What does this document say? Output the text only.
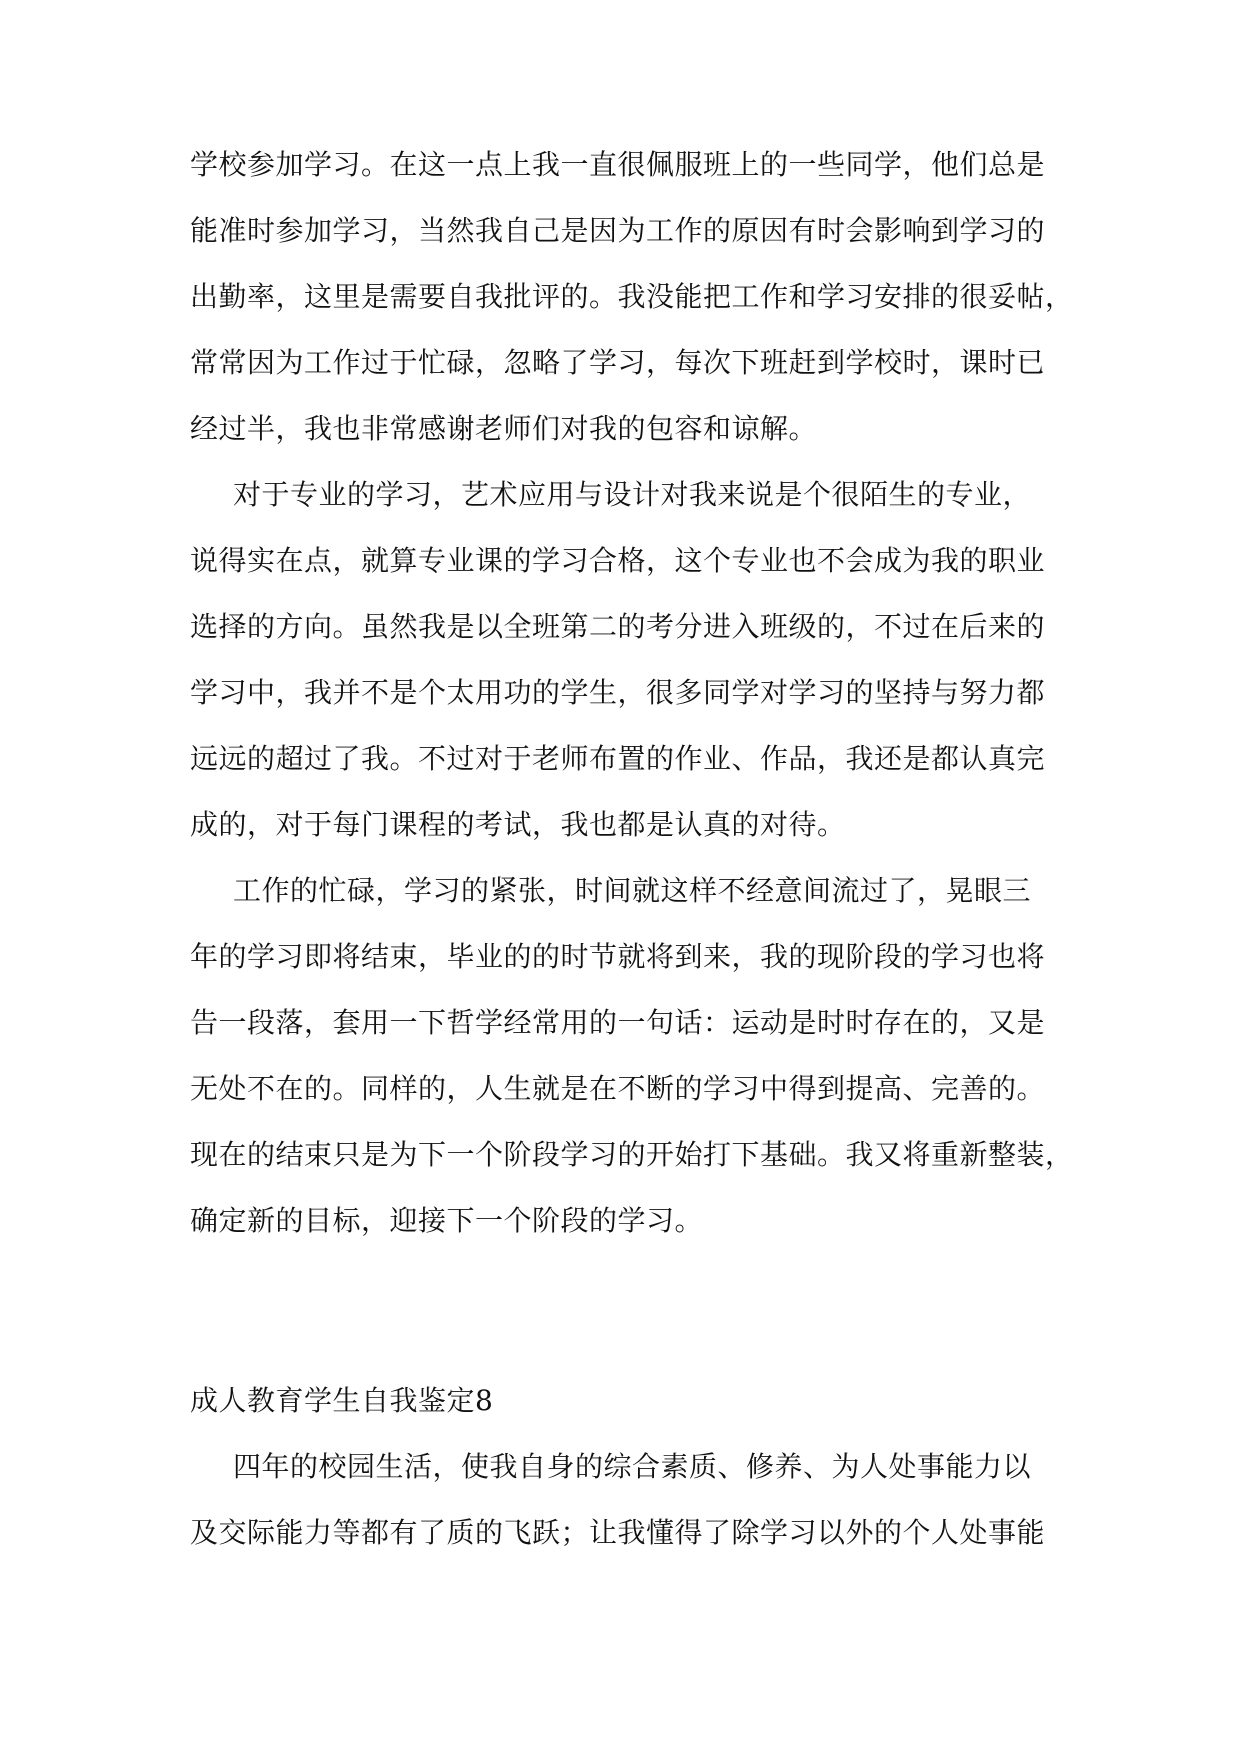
学校参加学习。在这一点上我一直很佩服班上的一些同学，他们总是
能准时参加学习，当然我自己是因为工作的原因有时会影响到学习的
出勤率，这里是需要自我批评的。我没能把工作和学习安排的很妥帖，
常常因为工作过于忙碌，忽略了学习，每次下班赶到学校时，课时已
经过半，我也非常感谢老师们对我的包容和谅解。
对于专业的学习，艺术应用与设计对我来说是个很陌生的专业，
说得实在点，就算专业课的学习合格，这个专业也不会成为我的职业
选择的方向。虽然我是以全班第二的考分进入班级的，不过在后来的
学习中，我并不是个太用功的学生，很多同学对学习的坚持与努力都
远远的超过了我。不过对于老师布置的作业、作品，我还是都认真完
成的，对于每门课程的考试，我也都是认真的对待。
工作的忙碌，学习的紧张，时间就这样不经意间流过了，晃眼三
年的学习即将结束，毕业的的时节就将到来，我的现阶段的学习也将
告一段落，套用一下哲学经常用的一句话：运动是时时存在的，又是
无处不在的。同样的，人生就是在不断的学习中得到提高、完善的。
现在的结束只是为下一个阶段学习的开始打下基础。我又将重新整装，
确定新的目标，迎接下一个阶段的学习。
成人教育学生自我鉴定8
四年的校园生活，使我自身的综合素质、修养、为人处事能力以
及交际能力等都有了质的飞跃；让我懂得了除学习以外的个人处事能
